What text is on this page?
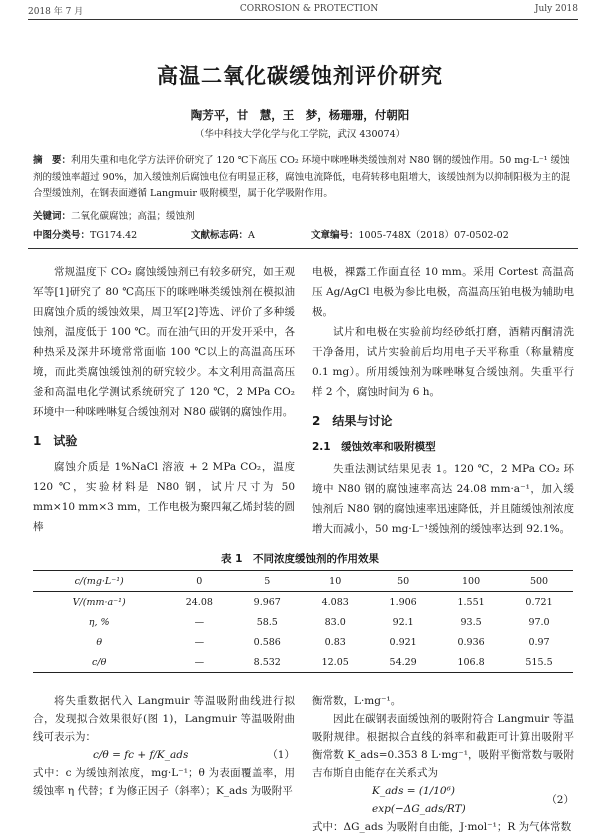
2018 年 7 月	CORROSION & PROTECTION	July 2018
高温二氧化碳缓蚀剂评价研究
陶芳平，甘　慧，王　梦，杨珊珊，付朝阳
（华中科技大学化学与化工学院，武汉 430074）
摘　要：利用失重和电化学方法评价研究了 120 ℃下高压 CO₂ 环境中咪唑啉类缓蚀剂对 N80 钢的缓蚀作用。50 mg·L⁻¹ 缓蚀剂的缓蚀率超过 90%，加入缓蚀剂后腐蚀电位有明显正移，腐蚀电流降低，电荷转移电阻增大，该缓蚀剂为以抑制阳极为主的混合型缓蚀剂，在钢表面遵循 Langmuir 吸附模型，属于化学吸附作用。
关键词：二氧化碳腐蚀；高温；缓蚀剂
中图分类号：TG174.42	文献标志码：A	文章编号：1005-748X（2018）07-0502-02

常规温度下 CO₂ 腐蚀缓蚀剂已有较多研究，如王观军等[1]研究了 80 ℃高压下的咪唑啉类缓蚀剂在模拟油田腐蚀介质的缓蚀效果，周卫军[2]等选、评价了多种缓蚀剂，温度低于 100 ℃。而在油气田的开发开采中，各种热采及深井环境常常面临 100 ℃以上的高温高压环境，而此类腐蚀缓蚀剂的研究较少。本文利用高温高压釜和高温电化学测试系统研究了 120 ℃，2 MPa CO₂ 环境中一种咪唑啉复合缓蚀剂对 N80 碳钢的腐蚀作用。

1　试验

腐蚀介质是 1%NaCl 溶液 + 2 MPa CO₂，温度 120 ℃，实验材料是 N80 钢，试片尺寸为 50 mm×10 mm×3 mm，工作电极为聚四氟乙烯封装的圆棒

电极，裸露工作面直径 10 mm。采用 Cortest 高温高压 Ag/AgCl 电极为参比电极，高温高压铂电极为辅助电极。

试片和电极在实验前均经砂纸打磨，酒精丙酮清洗干净备用，试片实验前后均用电子天平称重（称量精度 0.1 mg）。所用缓蚀剂为咪唑啉复合缓蚀剂。失重平行样 2 个，腐蚀时间为 6 h。

2　结果与讨论
2.1　缓蚀效率和吸附模型

失重法测试结果见表 1。120 ℃，2 MPa CO₂ 环境中 N80 钢的腐蚀速率高达 24.08 mm·a⁻¹，加入缓蚀剂后 N80 钢的腐蚀速率迅速降低，并且随缓蚀剂浓度增大而减小，50 mg·L⁻¹缓蚀剂的缓蚀率达到 92.1%。

表 1　不同浓度缓蚀剂的作用效果
c/(mg·L⁻¹)	0	5	10	50	100	500
V/(mm·a⁻¹)	24.08	9.967	4.083	1.906	1.551	0.721
η, %	—	58.5	83.0	92.1	93.5	97.0
θ	—	0.586	0.83	0.921	0.936	0.97
c/θ	—	8.532	12.05	54.29	106.8	515.5

将失重数据代入 Langmuir 等温吸附曲线进行拟合，发现拟合效果很好(图 1)，Langmuir 等温吸附曲线可表示为：

c/θ = fc + f/K_ads	（1）

式中：c 为缓蚀剂浓度，mg·L⁻¹；θ 为表面覆盖率，用缓蚀率 η 代替；f 为修正因子（斜率）；K_ads 为吸附平

衡常数，L·mg⁻¹。

因此在碳钢表面缓蚀剂的吸附符合 Langmuir 等温吸附规律。根据拟合直线的斜率和截距可计算出吸附平衡常数 K_ads=0.353 8 L·mg⁻¹，吸附平衡常数与吸附吉布斯自由能存在关系式为

K_ads = (1/10⁶) exp(−ΔG_ads/RT)
（2）

式中：ΔG_ads 为吸附自由能，J·mol⁻¹；R 为气体常数
